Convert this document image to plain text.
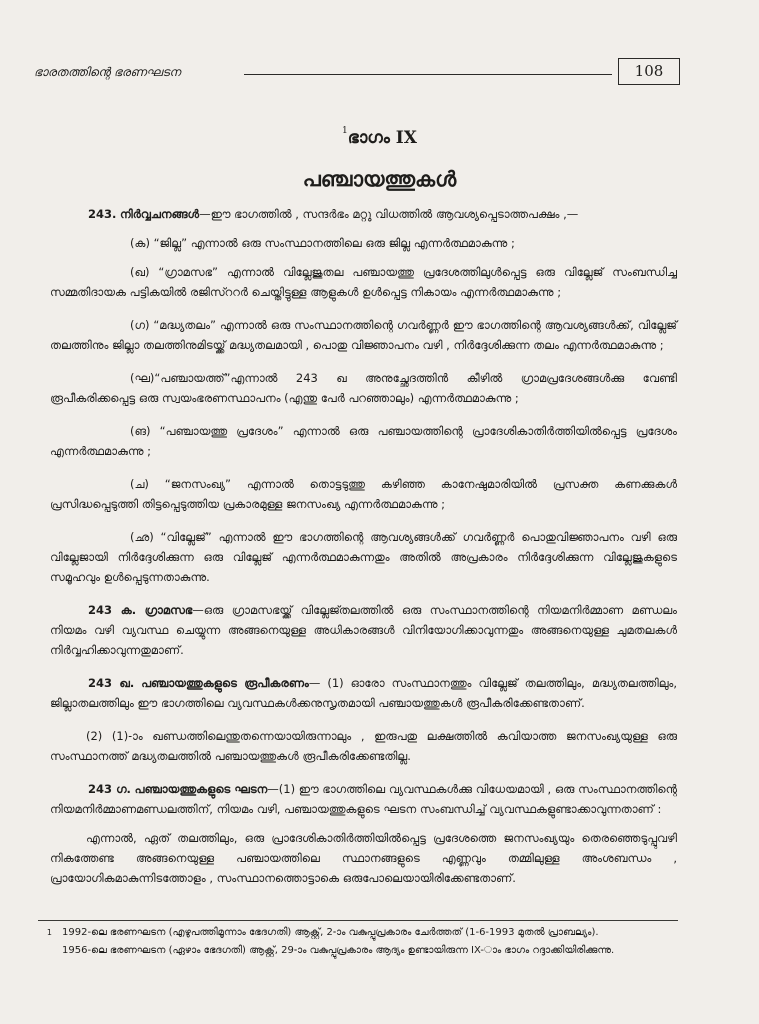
ഭാരതത്തിന്റെ ഭരണഘടന	108
$^1$ഭാഗം IX
പഞ്ചായത്തുകൾ

243. നിർവ്വചനങ്ങൾ—ഈ ഭാഗത്തിൽ , സന്ദർഭം മറ്റു വിധത്തിൽ ആവശ്യപ്പെടാത്തപക്ഷം ,—

(ക) “ജില്ല” എന്നാൽ ഒരു സംസ്ഥാനത്തിലെ ഒരു ജില്ല എന്നർത്ഥമാകുന്നു ;

(ഖ) “ഗ്രാമസഭ” എന്നാൽ വില്ലേജുതല പഞ്ചായത്തു പ്രദേശത്തിലുൾപ്പെട്ട ഒരു വില്ലേജ് സംബന്ധിച്ച സമ്മതിദായക പട്ടികയിൽ രജിസ്ററർ ചെയ്തിട്ടുള്ള ആളുകൾ ഉൾപ്പെട്ട നികായം എന്നർത്ഥമാകുന്നു ;

(ഗ) “മദ്ധ്യതലം” എന്നാൽ ഒരു സംസ്ഥാനത്തിന്റെ ഗവർണ്ണർ ഈ ഭാഗത്തിന്റെ ആവശ്യങ്ങൾക്ക്, വില്ലേജ് തലത്തിനും ജില്ലാ തലത്തിനുമിടയ്ക്ക് മദ്ധ്യതലമായി , പൊതു വിജ്ഞാപനം വഴി , നിർദ്ദേശിക്കുന്ന തലം എന്നർത്ഥമാകുന്നു ;

(ഘ)“പഞ്ചായത്ത്”എന്നാൽ 243 ഖ അനുച്ഛേദത്തിൻ കീഴിൽ ഗ്രാമപ്രദേശങ്ങൾക്കു വേണ്ടി രൂപീകരിക്കപ്പെട്ട ഒരു സ്വയംഭരണസ്ഥാപനം (എന്തു പേർ പറഞ്ഞാലും) എന്നർത്ഥമാകുന്നു ;

(ങ) “പഞ്ചായത്തു പ്രദേശം” എന്നാൽ ഒരു പഞ്ചായത്തിന്റെ പ്രാദേശികാതിർത്തിയിൽപ്പെട്ട പ്രദേശം എന്നർത്ഥമാകുന്നു ;

(ച) “ജനസംഖ്യ” എന്നാൽ തൊട്ടടുത്തു കഴിഞ്ഞ കാനേഷുമാരിയിൽ പ്രസക്ത കണക്കുകൾ പ്രസിദ്ധപ്പെടുത്തി തിട്ടപ്പെടുത്തിയ പ്രകാരമുള്ള ജനസംഖ്യ എന്നർത്ഥമാകുന്നു ;

(ഛ) “വില്ലേജ്” എന്നാൽ ഈ ഭാഗത്തിന്റെ ആവശ്യങ്ങൾക്ക് ഗവർണ്ണർ പൊതുവിജ്ഞാപനം വഴി ഒരു വില്ലേജായി നിർദ്ദേശിക്കുന്ന ഒരു വില്ലേജ് എന്നർത്ഥമാകുന്നതും അതിൽ അപ്രകാരം നിർദ്ദേശിക്കുന്ന വില്ലേജുകളുടെ സമൂഹവും ഉൾപ്പെടുന്നതാകുന്നു.

243 ക. ഗ്രാമസഭ—ഒരു ഗ്രാമസഭയ്ക്ക് വില്ലേജ്തലത്തിൽ ഒരു സംസ്ഥാനത്തിന്റെ നിയമനിർമ്മാണ മണ്ഡലം നിയമം വഴി വ്യവസ്ഥ ചെയ്യുന്ന അങ്ങനെയുള്ള അധികാരങ്ങൾ വിനിയോഗിക്കാവുന്നതും അങ്ങനെയുള്ള ചുമതലകൾ നിർവ്വഹിക്കാവുന്നതുമാണ്.

243 ഖ. പഞ്ചായത്തുകളുടെ രൂപീകരണം— (1) ഓരോ സംസ്ഥാനത്തും വില്ലേജ് തലത്തിലും, മദ്ധ്യതലത്തിലും, ജില്ലാതലത്തിലും ഈ ഭാഗത്തിലെ വ്യവസ്ഥകൾക്കനുസൃതമായി പഞ്ചായത്തുകൾ രൂപീകരിക്കേണ്ടതാണ്.

(2) (1)-ാം ഖണ്ഡത്തിലെന്തുതന്നെയായിരുന്നാലും , ഇരുപതു ലക്ഷത്തിൽ കവിയാത്ത ജനസംഖ്യയുള്ള ഒരു സംസ്ഥാനത്ത് മദ്ധ്യതലത്തിൽ പഞ്ചായത്തുകൾ രൂപീകരിക്കേണ്ടതില്ല.

243 ഗ. പഞ്ചായത്തുകളുടെ ഘടന—(1) ഈ ഭാഗത്തിലെ വ്യവസ്ഥകൾക്കു വിധേയമായി , ഒരു സംസ്ഥാനത്തിന്റെ നിയമനിർമ്മാണമണ്ഡലത്തിന്, നിയമം വഴി, പഞ്ചായത്തുകളുടെ ഘടന സംബന്ധിച്ച് വ്യവസ്ഥകളുണ്ടാക്കാവുന്നതാണ് :

എന്നാൽ, ഏത് തലത്തിലും, ഒരു പ്രാദേശികാതിർത്തിയിൽപ്പെട്ട പ്രദേശത്തെ ജനസംഖ്യയും തെരഞ്ഞെടുപ്പുവഴി നികത്തേണ്ട അങ്ങനെയുള്ള പഞ്ചായത്തിലെ സ്ഥാനങ്ങളുടെ എണ്ണവും തമ്മിലുള്ള അംശബന്ധം , പ്രായോഗികമാകുന്നിടത്തോളം , സംസ്ഥാനത്തൊട്ടാകെ ഒരുപോലെയായിരിക്കേണ്ടതാണ്.

1 1992-ലെ ഭരണഘടന (എഴുപത്തിമൂന്നാം ഭേദഗതി) ആക്റ്റ്, 2-ാം വകുപ്പുപ്രകാരം ചേർത്തത് (1-6-1993 മുതൽ പ്രാബല്യം).
1956-ലെ ഭരണഘടന (ഏഴാം ഭേദഗതി) ആക്റ്റ്, 29-ാം വകുപ്പുപ്രകാരം ആദ്യം ഉണ്ടായിരുന്ന IX-ാം ഭാഗം റദ്ദാക്കിയിരിക്കുന്നു.
